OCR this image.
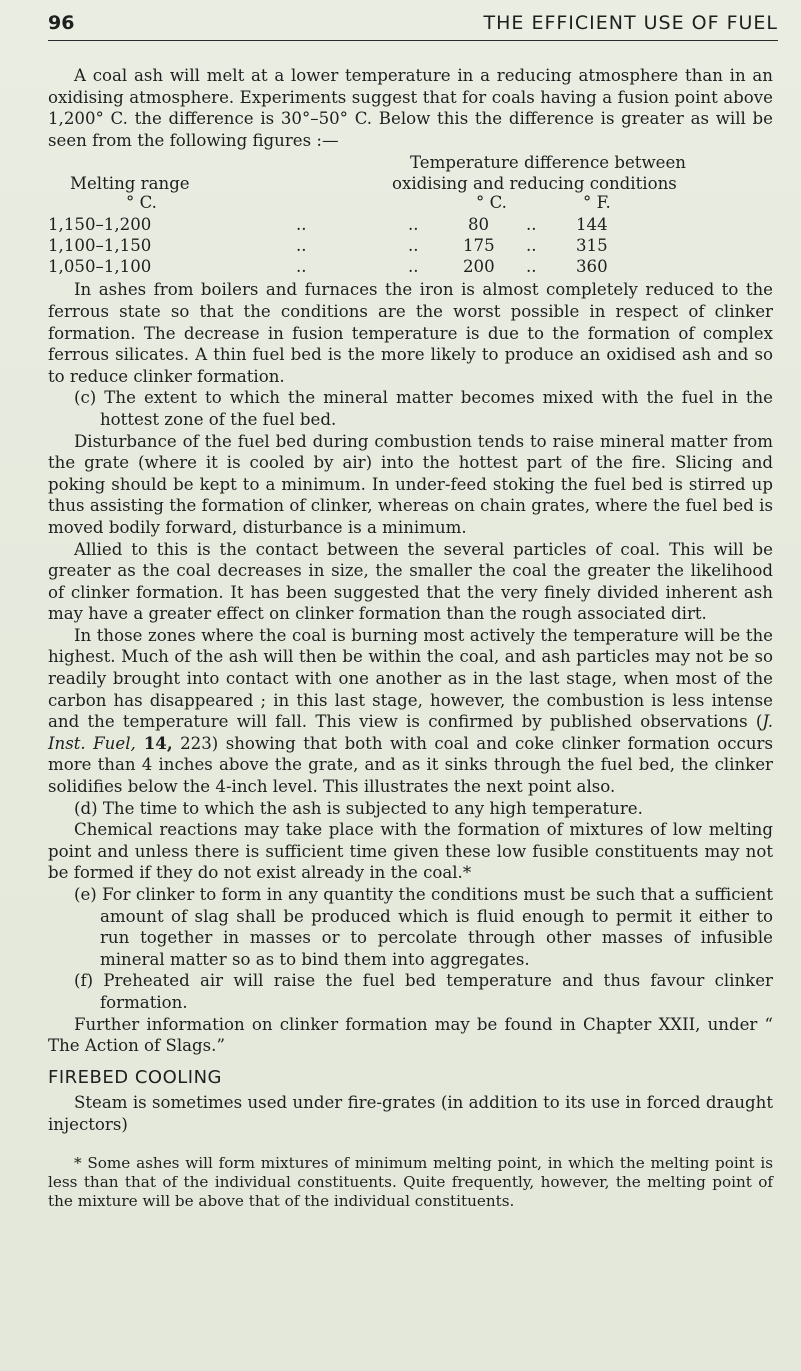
96	THE EFFICIENT USE OF FUEL

A coal ash will melt at a lower temperature in a reducing atmosphere than in an oxidising atmosphere. Experiments suggest that for coals having a fusion point above 1,200° C. the difference is 30°–50° C. Below this the difference is greater as will be seen from the following figures :—

Temperature difference between
Melting range	oxidising and reducing conditions
° C.	° C.	° F.
1,150–1,200	..	..	80 .. 144
1,100–1,150	..	..	175 .. 315
1,050–1,100	..	..	200 .. 360

In ashes from boilers and furnaces the iron is almost completely reduced to the ferrous state so that the conditions are the worst possible in respect of clinker formation. The decrease in fusion temperature is due to the formation of complex ferrous silicates. A thin fuel bed is the more likely to produce an oxidised ash and so to reduce clinker formation.

(c) The extent to which the mineral matter becomes mixed with the fuel in the hottest zone of the fuel bed.

Disturbance of the fuel bed during combustion tends to raise mineral matter from the grate (where it is cooled by air) into the hottest part of the fire. Slicing and poking should be kept to a minimum. In under-feed stoking the fuel bed is stirred up thus assisting the formation of clinker, whereas on chain grates, where the fuel bed is moved bodily forward, disturbance is a minimum.

Allied to this is the contact between the several particles of coal. This will be greater as the coal decreases in size, the smaller the coal the greater the likelihood of clinker formation. It has been suggested that the very finely divided inherent ash may have a greater effect on clinker formation than the rough associated dirt.

In those zones where the coal is burning most actively the temperature will be the highest. Much of the ash will then be within the coal, and ash particles may not be so readily brought into contact with one another as in the last stage, when most of the carbon has disappeared ; in this last stage, however, the combustion is less intense and the temperature will fall. This view is confirmed by published observations (J. Inst. Fuel, 14, 223) showing that both with coal and coke clinker formation occurs more than 4 inches above the grate, and as it sinks through the fuel bed, the clinker solidifies below the 4-inch level. This illustrates the next point also.

(d) The time to which the ash is subjected to any high temperature.

Chemical reactions may take place with the formation of mixtures of low melting point and unless there is sufficient time given these low fusible constituents may not be formed if they do not exist already in the coal.*

(e) For clinker to form in any quantity the conditions must be such that a sufficient amount of slag shall be produced which is fluid enough to permit it either to run together in masses or to percolate through other masses of infusible mineral matter so as to bind them into aggregates.

(f) Preheated air will raise the fuel bed temperature and thus favour clinker formation.

Further information on clinker formation may be found in Chapter XXII, under “ The Action of Slags.”

FIREBED COOLING

Steam is sometimes used under fire-grates (in addition to its use in forced draught injectors)

* Some ashes will form mixtures of minimum melting point, in which the melting point is less than that of the individual constituents. Quite frequently, however, the melting point of the mixture will be above that of the individual constituents.
